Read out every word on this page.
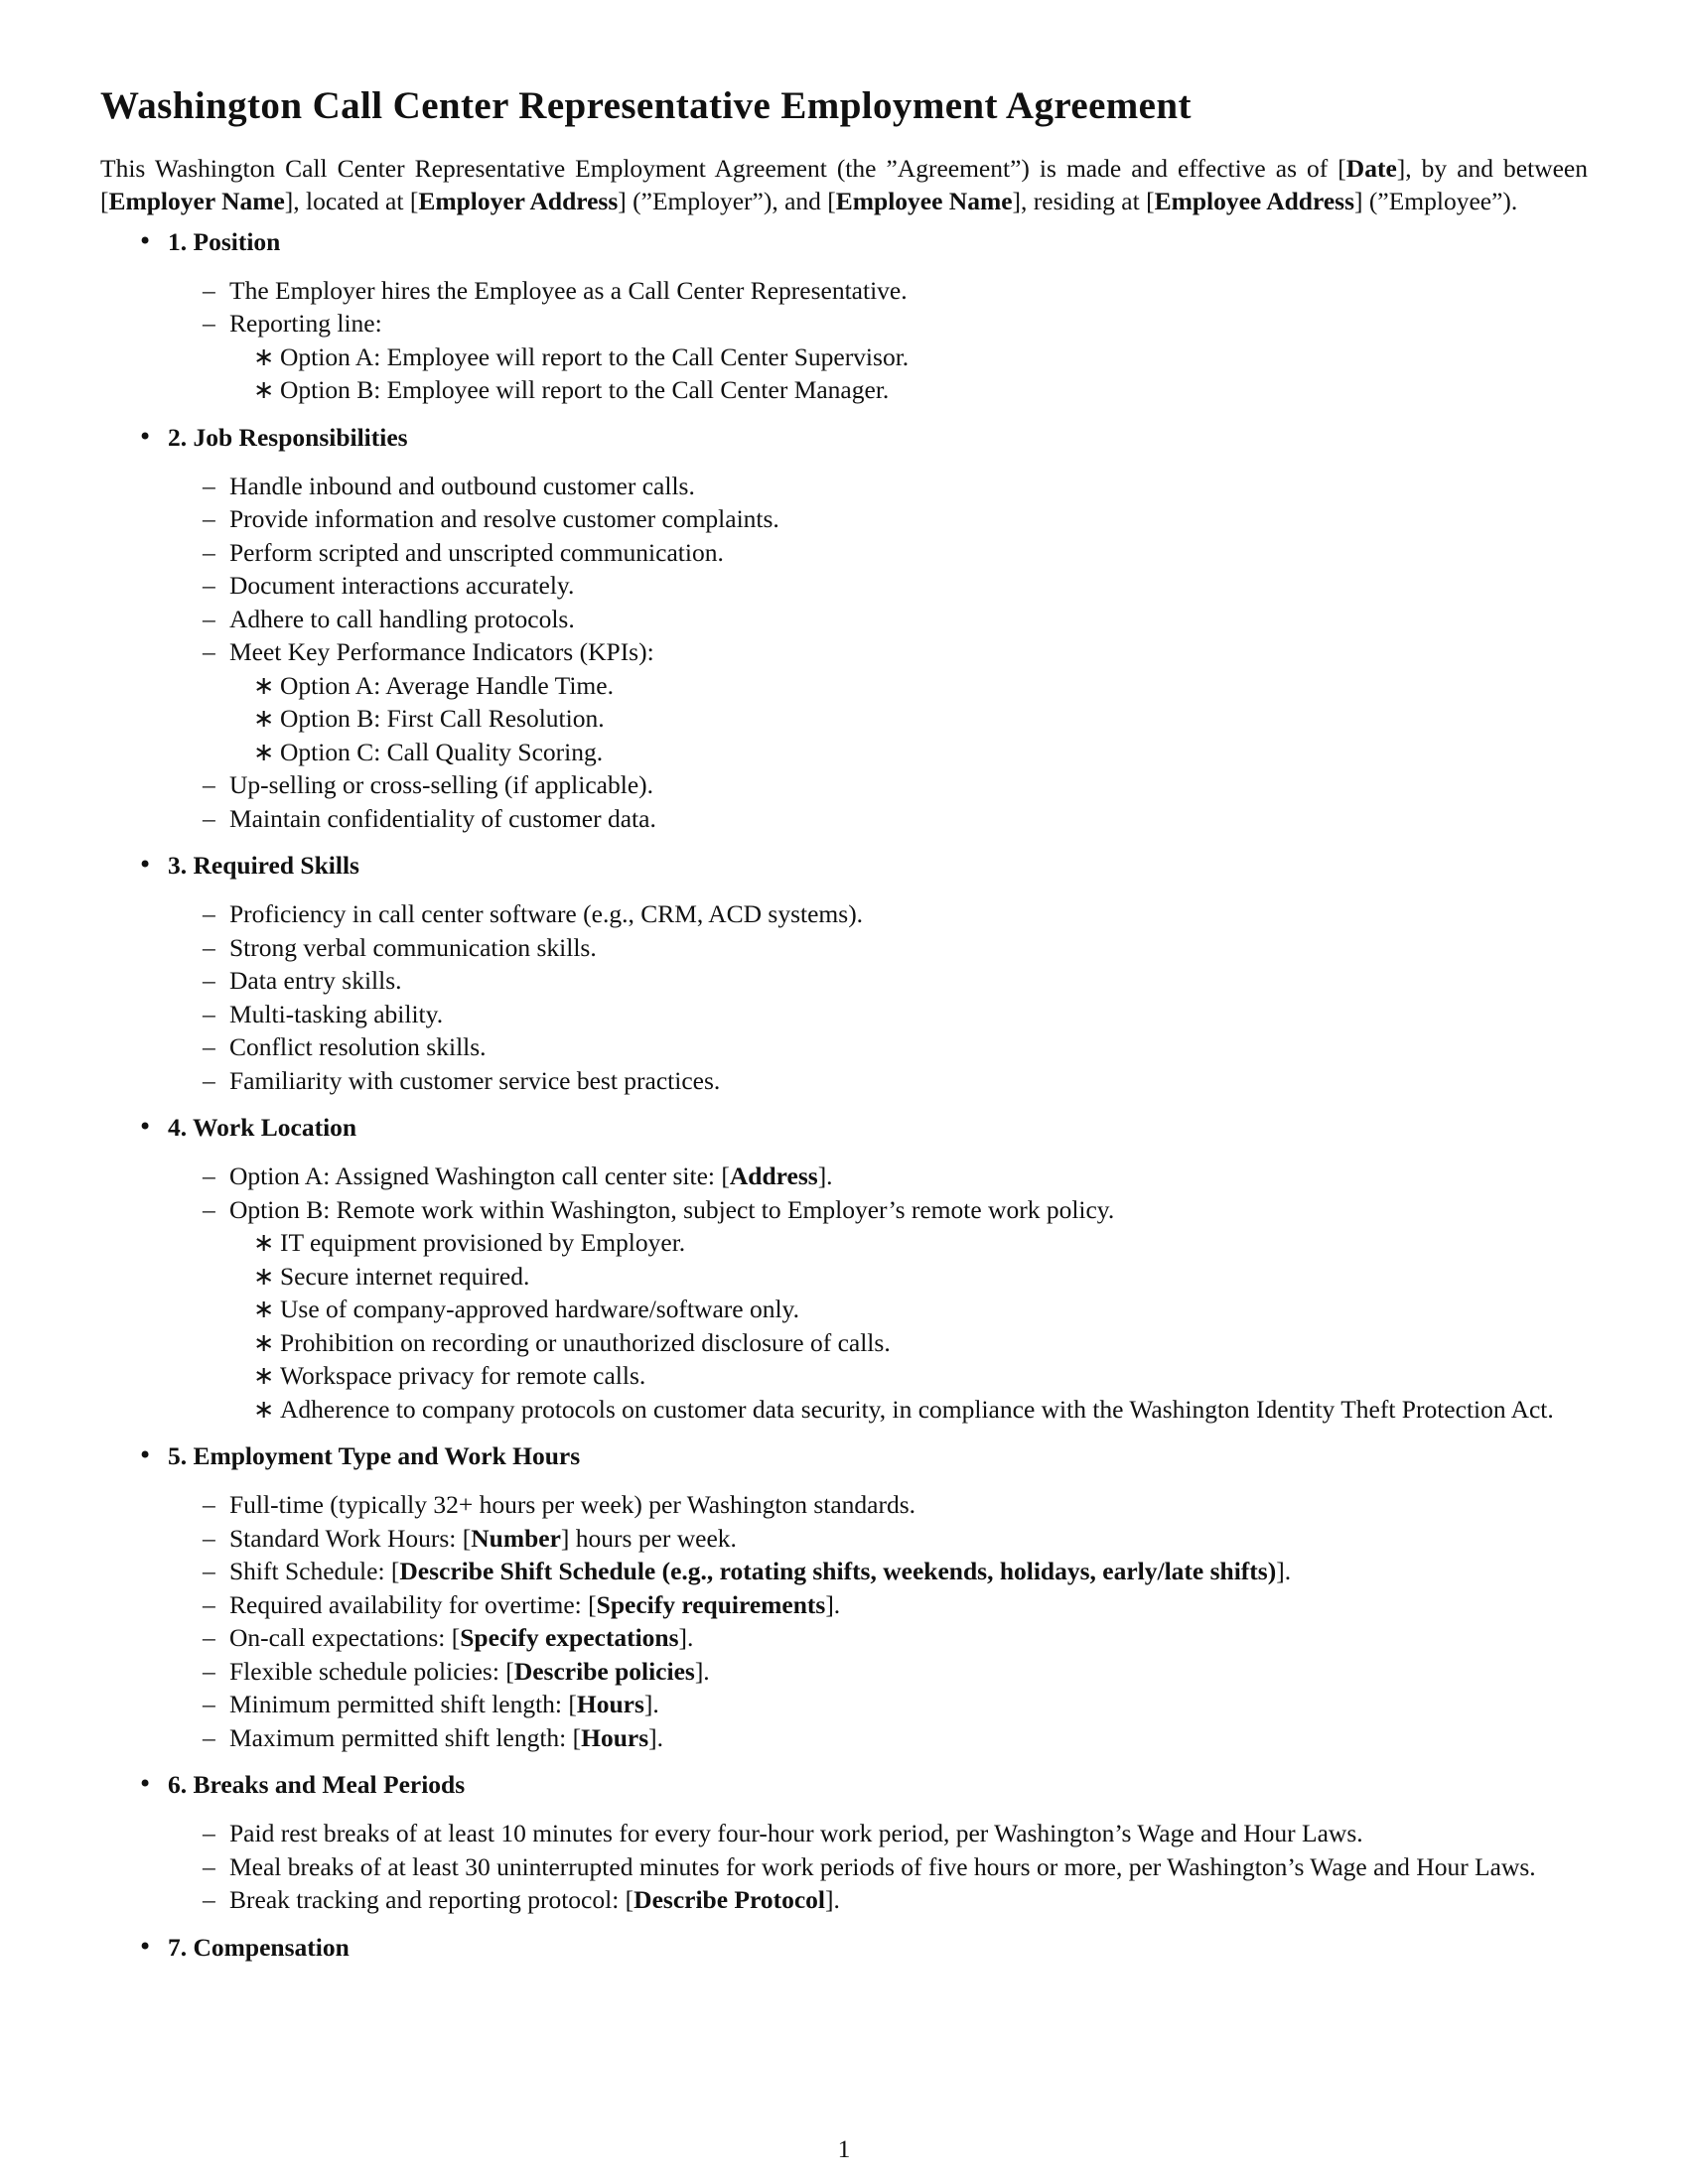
Washington Call Center Representative Employment Agreement

This Washington Call Center Representative Employment Agreement (the ”Agreement”) is made and effective as of [Date], by and between [Employer Name], located at [Employer Address] (”Employer”), and [Employee Name], residing at [Employee Address] (”Employee”).

• 1. Position
– The Employer hires the Employee as a Call Center Representative.
– Reporting line:
∗ Option A: Employee will report to the Call Center Supervisor.
∗ Option B: Employee will report to the Call Center Manager.
• 2. Job Responsibilities
– Handle inbound and outbound customer calls.
– Provide information and resolve customer complaints.
– Perform scripted and unscripted communication.
– Document interactions accurately.
– Adhere to call handling protocols.
– Meet Key Performance Indicators (KPIs):
∗ Option A: Average Handle Time.
∗ Option B: First Call Resolution.
∗ Option C: Call Quality Scoring.
– Up-selling or cross-selling (if applicable).
– Maintain confidentiality of customer data.
• 3. Required Skills
– Proficiency in call center software (e.g., CRM, ACD systems).
– Strong verbal communication skills.
– Data entry skills.
– Multi-tasking ability.
– Conflict resolution skills.
– Familiarity with customer service best practices.
• 4. Work Location
– Option A: Assigned Washington call center site: [Address].
– Option B: Remote work within Washington, subject to Employer’s remote work policy.
∗ IT equipment provisioned by Employer.
∗ Secure internet required.
∗ Use of company-approved hardware/software only.
∗ Prohibition on recording or unauthorized disclosure of calls.
∗ Workspace privacy for remote calls.
∗ Adherence to company protocols on customer data security, in compliance with the Washington Identity Theft Protection Act.
• 5. Employment Type and Work Hours
– Full-time (typically 32+ hours per week) per Washington standards.
– Standard Work Hours: [Number] hours per week.
– Shift Schedule: [Describe Shift Schedule (e.g., rotating shifts, weekends, holidays, early/late shifts)].
– Required availability for overtime: [Specify requirements].
– On-call expectations: [Specify expectations].
– Flexible schedule policies: [Describe policies].
– Minimum permitted shift length: [Hours].
– Maximum permitted shift length: [Hours].
• 6. Breaks and Meal Periods
– Paid rest breaks of at least 10 minutes for every four-hour work period, per Washington’s Wage and Hour Laws.
– Meal breaks of at least 30 uninterrupted minutes for work periods of five hours or more, per Washington’s Wage and Hour Laws.
– Break tracking and reporting protocol: [Describe Protocol].
• 7. Compensation
1
